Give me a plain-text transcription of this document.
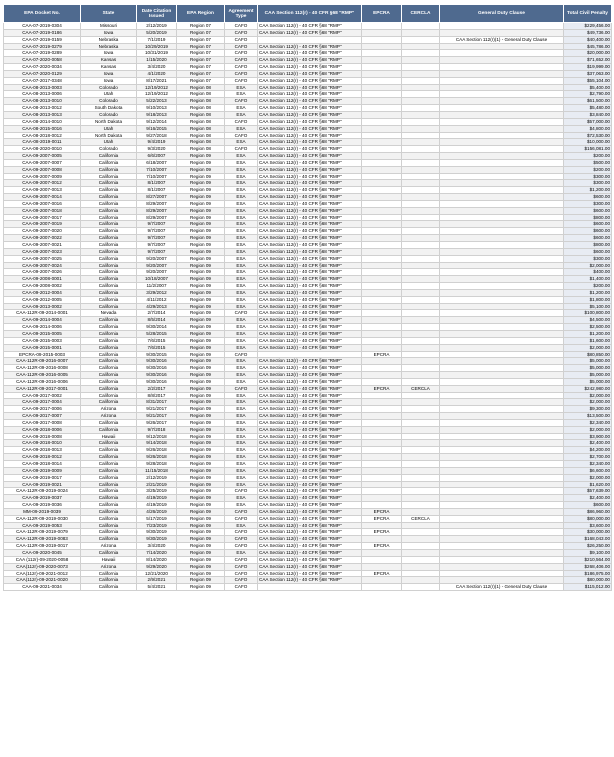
EPA Docket No.	State	Date Citation Issued	EPA Region	Agreement Type	CAA Section 112(r) - 40 CFR §68 "RMP"	EPCRA	CERCLA	General Duty Clause	Total Civil Penalty
CAA-07-2019-0304	Missouri	2/12/2019	Region 07	CAFO	CAA Section 112(r) - 40 CFR §68 "RMP"				$229,456.00
CAA-07-2019-0186	Iowa	5/20/2019	Region 07	CAFO	CAA Section 112(r) - 40 CFR §68 "RMP"				$49,736.00
CAA-07-2019-0159	Nebraska	7/1/2019	Region 07	CAFO				CAA Section 112(r)(1) - General Duty Clause	$40,400.00
CAA-07-2019-0279	Nebraska	10/29/2019	Region 07	CAFO	CAA Section 112(r) - 40 CFR §68 "RMP"				$45,786.00
CAA-07-2019-0289	Iowa	10/31/2019	Region 07	CAFO	CAA Section 112(r) - 40 CFR §68 "RMP"				$20,000.00
CAA-07-2020-0058	Kansas	1/15/2020	Region 07	CAFO	CAA Section 112(r) - 40 CFR §68 "RMP"				$71,652.00
CAA-07-2020-0034	Kansas	3/4/2020	Region 07	CAFO	CAA Section 112(r) - 40 CFR §68 "RMP"				$19,999.00
CAA-07-2020-0129	Iowa	4/1/2020	Region 07	CAFO	CAA Section 112(r) - 40 CFR §68 "RMP"				$37,063.00
CAA-07-2017-0348	Iowa	8/17/2021	Region 07	CAFO	CAA Section 112(r) - 40 CFR §68 "RMP"				$55,104.00
CAA-08-2013-0003	Colorado	12/19/2012	Region 08	ESA	CAA Section 112(r) - 40 CFR §68 "RMP"				$5,400.00
CAA-08-2013-0006	Utah	12/19/2012	Region 08	ESA	CAA Section 112(r) - 40 CFR §68 "RMP"				$2,790.00
CAA-08-2013-0010	Colorado	5/22/2013	Region 08	CAFO	CAA Section 112(r) - 40 CFR §68 "RMP"				$61,500.00
CAA-08-2013-0012	South Dakota	9/10/2013	Region 08	ESA	CAA Section 112(r) - 40 CFR §68 "RMP"				$5,480.00
CAA-08-2013-0013	Colorado	9/18/2013	Region 08	ESA	CAA Section 112(r) - 40 CFR §68 "RMP"				$3,840.00
CAA-08-2014-0010	North Dakota	9/12/2014	Region 08	CAFO	CAA Section 112(r) - 40 CFR §68 "RMP"				$57,000.00
CAA-08-2015-0016	Utah	9/16/2015	Region 08	ESA	CAA Section 112(r) - 40 CFR §68 "RMP"				$4,800.00
CAA-08-2018-0012	North Dakota	9/27/2018	Region 08	CAFO	CAA Section 112(r) - 40 CFR §68 "RMP"				$72,530.00
CAA-08-2019-0011	Utah	9/4/2019	Region 08	ESA	CAA Section 112(r) - 40 CFR §68 "RMP"				$10,000.00
CAA-08-2020-0010	Colorado	9/3/2020	Region 08	CAFO	CAA Section 112(r) - 40 CFR §68 "RMP"				$156,081.00
CAA-09-2007-0005	California	6/6/2007	Region 09	ESA	CAA Section 112(r) - 40 CFR §68 "RMP"				$200.00
CAA-09-2007-0007	California	6/18/2007	Region 09	ESA	CAA Section 112(r) - 40 CFR §68 "RMP"				$500.00
CAA-09-2007-0008	California	7/10/2007	Region 09	ESA	CAA Section 112(r) - 40 CFR §68 "RMP"				$200.00
CAA-09-2007-0009	California	7/10/2007	Region 09	ESA	CAA Section 112(r) - 40 CFR §68 "RMP"				$300.00
CAA-09-2007-0012	California	8/1/2007	Region 09	ESA	CAA Section 112(r) - 40 CFR §68 "RMP"				$300.00
CAA-09-2007-0013	California	8/1/2007	Region 09	ESA	CAA Section 112(r) - 40 CFR §68 "RMP"				$1,200.00
CAA-09-2007-0014	California	8/27/2007	Region 09	ESA	CAA Section 112(r) - 40 CFR §68 "RMP"				$600.00
CAA-09-2007-0016	California	8/29/2007	Region 09	ESA	CAA Section 112(r) - 40 CFR §68 "RMP"				$300.00
CAA-09-2007-0018	California	8/29/2007	Region 09	ESA	CAA Section 112(r) - 40 CFR §68 "RMP"				$600.00
CAA-09-2007-0017	California	8/29/2007	Region 09	ESA	CAA Section 112(r) - 40 CFR §68 "RMP"				$800.00
CAA-09-2007-0019	California	9/7/2007	Region 09	ESA	CAA Section 112(r) - 40 CFR §68 "RMP"				$600.00
CAA-09-2007-0020	California	9/7/2007	Region 09	ESA	CAA Section 112(r) - 40 CFR §68 "RMP"				$600.00
CAA-09-2007-0022	California	9/7/2007	Region 09	ESA	CAA Section 112(r) - 40 CFR §68 "RMP"				$600.00
CAA-09-2007-0021	California	9/7/2007	Region 09	ESA	CAA Section 112(r) - 40 CFR §68 "RMP"				$800.00
CAA-09-2007-0023	California	9/7/2007	Region 09	ESA	CAA Section 112(r) - 40 CFR §68 "RMP"				$600.00
CAA-09-2007-0025	California	9/20/2007	Region 09	ESA	CAA Section 112(r) - 40 CFR §68 "RMP"				$300.00
CAA-09-2007-0024	California	9/20/2007	Region 09	ESA	CAA Section 112(r) - 40 CFR §68 "RMP"				$2,000.00
CAA-09-2007-0026	California	9/20/2007	Region 09	ESA	CAA Section 112(r) - 40 CFR §68 "RMP"				$400.00
CAA-09-2008-0001	California	10/18/2007	Region 09	ESA	CAA Section 112(r) - 40 CFR §68 "RMP"				$1,400.00
CAA-09-2008-0002	California	11/2/2007	Region 09	ESA	CAA Section 112(r) - 40 CFR §68 "RMP"				$200.00
CAA-09-2012-0004	California	3/29/2012	Region 09	ESA	CAA Section 112(r) - 40 CFR §68 "RMP"				$1,200.00
CAA-09-2012-0005	California	4/11/2012	Region 09	ESA	CAA Section 112(r) - 40 CFR §68 "RMP"				$1,800.00
CAA-09-2013-0002	California	4/29/2013	Region 09	ESA	CAA Section 112(r) - 40 CFR §68 "RMP"				$5,100.00
CAA-112R-09-2014-0001	Nevada	2/7/2014	Region 09	CAFO	CAA Section 112(r) - 40 CFR §68 "RMP"				$100,800.00
CAA-09-2014-0004	California	8/5/2014	Region 09	ESA	CAA Section 112(r) - 40 CFR §68 "RMP"				$4,500.00
CAA-09-2014-0006	California	9/30/2014	Region 09	ESA	CAA Section 112(r) - 40 CFR §68 "RMP"				$2,500.00
CAA-09-2015-0005	California	5/28/2015	Region 09	ESA	CAA Section 112(r) - 40 CFR §68 "RMP"				$1,200.00
CAA-09-2015-0003	California	7/6/2015	Region 09	ESA	CAA Section 112(r) - 40 CFR §68 "RMP"				$1,600.00
CAA-09-2015-0001	California	7/6/2015	Region 09	ESA	CAA Section 112(r) - 40 CFR §68 "RMP"				$2,000.00
EPCRA-09-2015-0003	California	9/30/2015	Region 09	CAFO		EPCRA			$80,850.00
CAA-112R-09-2016-0007	California	9/30/2016	Region 09	ESA	CAA Section 112(r) - 40 CFR §68 "RMP"				$5,000.00
CAA-112R-09-2016-0008	California	9/30/2016	Region 09	ESA	CAA Section 112(r) - 40 CFR §68 "RMP"				$5,000.00
CAA-112R-09-2016-0005	California	9/30/2016	Region 09	ESA	CAA Section 112(r) - 40 CFR §68 "RMP"				$5,000.00
CAA-112R-09-2016-0006	California	9/30/2016	Region 09	ESA	CAA Section 112(r) - 40 CFR §68 "RMP"				$5,000.00
CAA-112R-09-2017-0001	California	2/2/2017	Region 09	CAFO	CAA Section 112(r) - 40 CFR §68 "RMP"	EPCRA	CERCLA		$242,980.00
CAA-09-2017-0002	California	8/8/2017	Region 09	ESA	CAA Section 112(r) - 40 CFR §68 "RMP"				$2,000.00
CAA-09-2017-0004	California	8/31/2017	Region 09	ESA	CAA Section 112(r) - 40 CFR §68 "RMP"				$2,000.00
CAA-09-2017-0006	Arizona	9/21/2017	Region 09	ESA	CAA Section 112(r) - 40 CFR §68 "RMP"				$9,300.00
CAA-09-2017-0007	Arizona	9/21/2017	Region 09	ESA	CAA Section 112(r) - 40 CFR §68 "RMP"				$13,500.00
CAA-09-2017-0008	California	9/26/2017	Region 09	ESA	CAA Section 112(r) - 40 CFR §68 "RMP"				$2,340.00
CAA-09-2018-0006	California	9/7/2018	Region 09	ESA	CAA Section 112(r) - 40 CFR §68 "RMP"				$2,000.00
CAA-09-2018-0008	Hawaii	9/12/2018	Region 09	ESA	CAA Section 112(r) - 40 CFR §68 "RMP"				$3,900.00
CAA-09-2018-0010	California	9/14/2018	Region 09	ESA	CAA Section 112(r) - 40 CFR §68 "RMP"				$2,400.00
CAA-09-2018-0013	California	9/26/2018	Region 09	ESA	CAA Section 112(r) - 40 CFR §68 "RMP"				$4,200.00
CAA-09-2018-0012	California	9/26/2018	Region 09	ESA	CAA Section 112(r) - 40 CFR §68 "RMP"				$2,700.00
CAA-09-2018-0014	California	9/28/2018	Region 09	ESA	CAA Section 112(r) - 40 CFR §68 "RMP"				$2,340.00
CAA-09-2019-0009	California	11/15/2018	Region 09	ESA	CAA Section 112(r) - 40 CFR §68 "RMP"				$6,600.00
CAA-09-2019-0017	California	2/12/2019	Region 09	ESA	CAA Section 112(r) - 40 CFR §68 "RMP"				$2,000.00
CAA-09-2019-0021	California	2/21/2019	Region 09	ESA	CAA Section 112(r) - 40 CFR §68 "RMP"				$1,620.00
CAA-112R-09-2019-0024	California	3/25/2019	Region 09	CAFO	CAA Section 112(r) - 40 CFR §68 "RMP"				$57,639.00
CAA-09-2019-0037	California	4/19/2019	Region 09	ESA	CAA Section 112(r) - 40 CFR §68 "RMP"				$2,400.00
CAA-09-2019-0036	California	4/19/2019	Region 09	ESA	CAA Section 112(r) - 40 CFR §68 "RMP"				$600.00
MM-09-2019-0039	California	4/26/2019	Region 09	CAFO	CAA Section 112(r) - 40 CFR §68 "RMP"	EPCRA			$86,960.00
CAA-112R-09-2019-0030	California	5/17/2019	Region 09	CAFO	CAA Section 112(r) - 40 CFR §68 "RMP"	EPCRA	CERCLA		$80,000.00
CAA-09-2019-0053	California	7/23/2019	Region 09	ESA	CAA Section 112(r) - 40 CFR §68 "RMP"				$3,600.00
CAA-112R-09-2019-0079	California	9/30/2019	Region 09	CAFO	CAA Section 112(r) - 40 CFR §68 "RMP"	EPCRA			$30,000.00
CAA-112R-09-2019-0083	California	9/30/2019	Region 09	CAFO	CAA Section 112(r) - 40 CFR §68 "RMP"				$168,043.00
CAA-112R-09-2019-0017	Arizona	3/4/2020	Region 09	CAFO	CAA Section 112(r) - 40 CFR §68 "RMP"	EPCRA			$26,250.00
CAA-09-2020-0045	California	7/14/2020	Region 09	ESA	CAA Section 112(r) - 40 CFR §68 "RMP"				$9,100.00
CAA (112r)-09-2020-0058	Hawaii	8/14/2020	Region 09	CAFO	CAA Section 112(r) - 40 CFR §68 "RMP"				$210,564.00
CAA(112r)-09-2020-0073	Arizona	9/29/2020	Region 09	CAFO	CAA Section 112(r) - 40 CFR §68 "RMP"				$268,406.00
CAA(112r)-09-2021-0012	California	12/21/2020	Region 09	CAFO	CAA Section 112(r) - 40 CFR §68 "RMP"	EPCRA			$186,975.00
CAA(112r)-09-2021-0020	California	2/9/2021	Region 09	CAFO	CAA Section 112(r) - 40 CFR §68 "RMP"				$80,000.00
CAA-09-2021-0034	California	5/4/2021	Region 09	CAFO				CAA Section 112(r)(1) - General Duty Clause	$115,012.00
